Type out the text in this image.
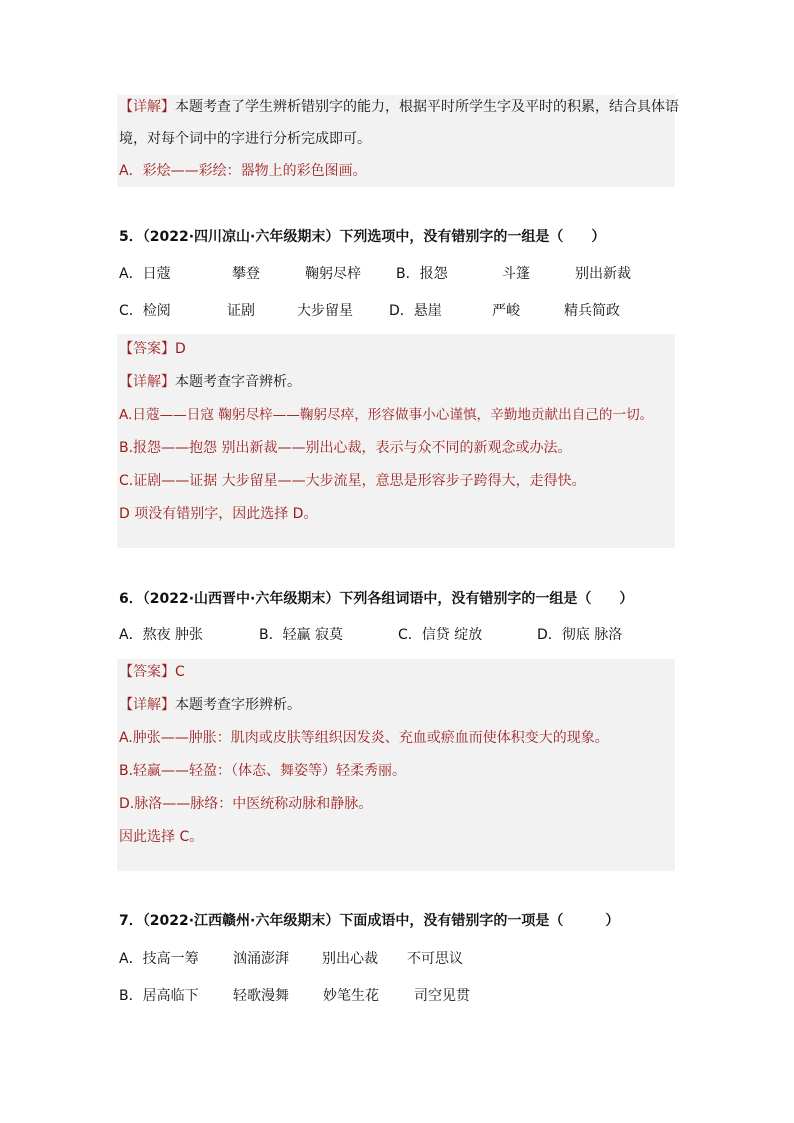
【详解】本题考查了学生辨析错别字的能力，根据平时所学生字及平时的积累，结合具体语

境，对每个词中的字进行分析完成即可。

A．彩烩——彩绘：器物上的彩色图画。

5．（2022·四川凉山·六年级期末）下列选项中，没有错别字的一组是（　　）
A．日蔻	攀登	鞠躬尽梓	B．报怨	斗篷	别出新裁
C．检阅	证剧	大步留星	D．悬崖	严峻	精兵简政

【答案】D

【详解】本题考查字音辨析。

A.日蔻——日寇 鞠躬尽梓——鞠躬尽瘁，形容做事小心谨慎，辛勤地贡献出自己的一切。

B.报怨——抱怨 别出新裁——别出心裁，表示与众不同的新观念或办法。

C.证剧——证据 大步留星——大步流星，意思是形容步子跨得大，走得快。

D 项没有错别字，因此选择 D。

6．（2022·山西晋中·六年级期末）下列各组词语中，没有错别字的一组是（　　）
A．熬夜 肿张	B．轻赢 寂莫	C．信贷 绽放	D．彻底 脉洛

【答案】C

【详解】本题考查字形辨析。

A.肿张——肿胀：肌肉或皮肤等组织因发炎、充血或瘀血而使体积变大的现象。

B.轻赢——轻盈：（体态、舞姿等）轻柔秀丽。

D.脉洛——脉络：中医统称动脉和静脉。

因此选择 C。

7．（2022·江西赣州·六年级期末）下面成语中，没有错别字的一项是（　　　）
A．技高一筹 汹涌澎湃 别出心裁 不可思议
B．居高临下 轻歌漫舞 妙笔生花	司空见贯
